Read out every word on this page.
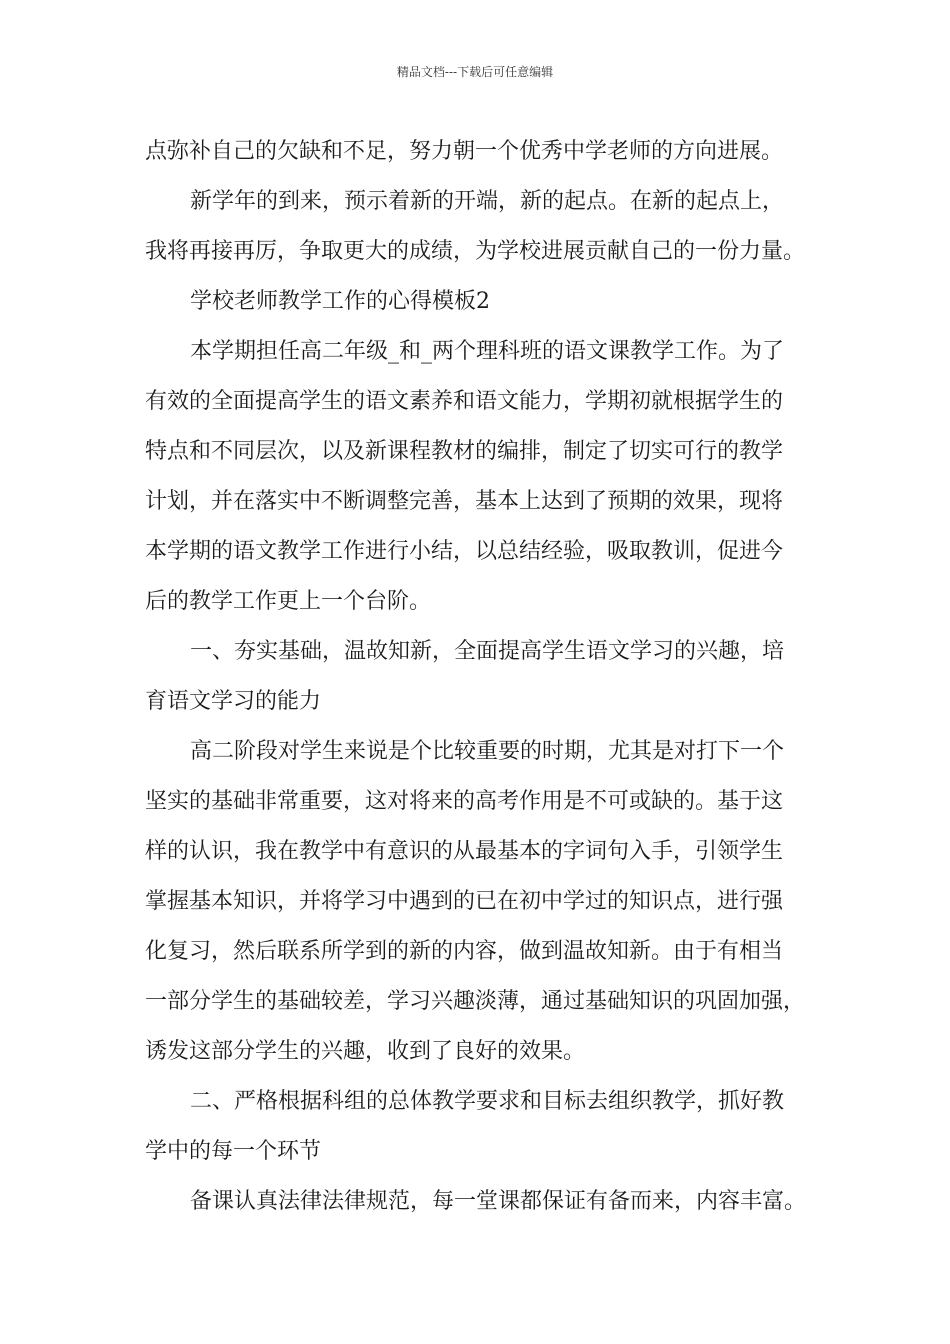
精品文档---下载后可任意编辑
点弥补自己的欠缺和不足，努力朝一个优秀中学老师的方向进展。
新学年的到来，预示着新的开端，新的起点。在新的起点上，
我将再接再厉，争取更大的成绩，为学校进展贡献自己的一份力量。
学校老师教学工作的心得模板2
本学期担任高二年级_和_两个理科班的语文课教学工作。为了
有效的全面提高学生的语文素养和语文能力，学期初就根据学生的
特点和不同层次，以及新课程教材的编排，制定了切实可行的教学
计划，并在落实中不断调整完善，基本上达到了预期的效果，现将
本学期的语文教学工作进行小结，以总结经验，吸取教训，促进今
后的教学工作更上一个台阶。
一、夯实基础，温故知新，全面提高学生语文学习的兴趣，培
育语文学习的能力
高二阶段对学生来说是个比较重要的时期，尤其是对打下一个
坚实的基础非常重要，这对将来的高考作用是不可或缺的。基于这
样的认识，我在教学中有意识的从最基本的字词句入手，引领学生
掌握基本知识，并将学习中遇到的已在初中学过的知识点，进行强
化复习，然后联系所学到的新的内容，做到温故知新。由于有相当
一部分学生的基础较差，学习兴趣淡薄，通过基础知识的巩固加强，
诱发这部分学生的兴趣，收到了良好的效果。
二、严格根据科组的总体教学要求和目标去组织教学，抓好教
学中的每一个环节
备课认真法律法律规范，每一堂课都保证有备而来，内容丰富。
